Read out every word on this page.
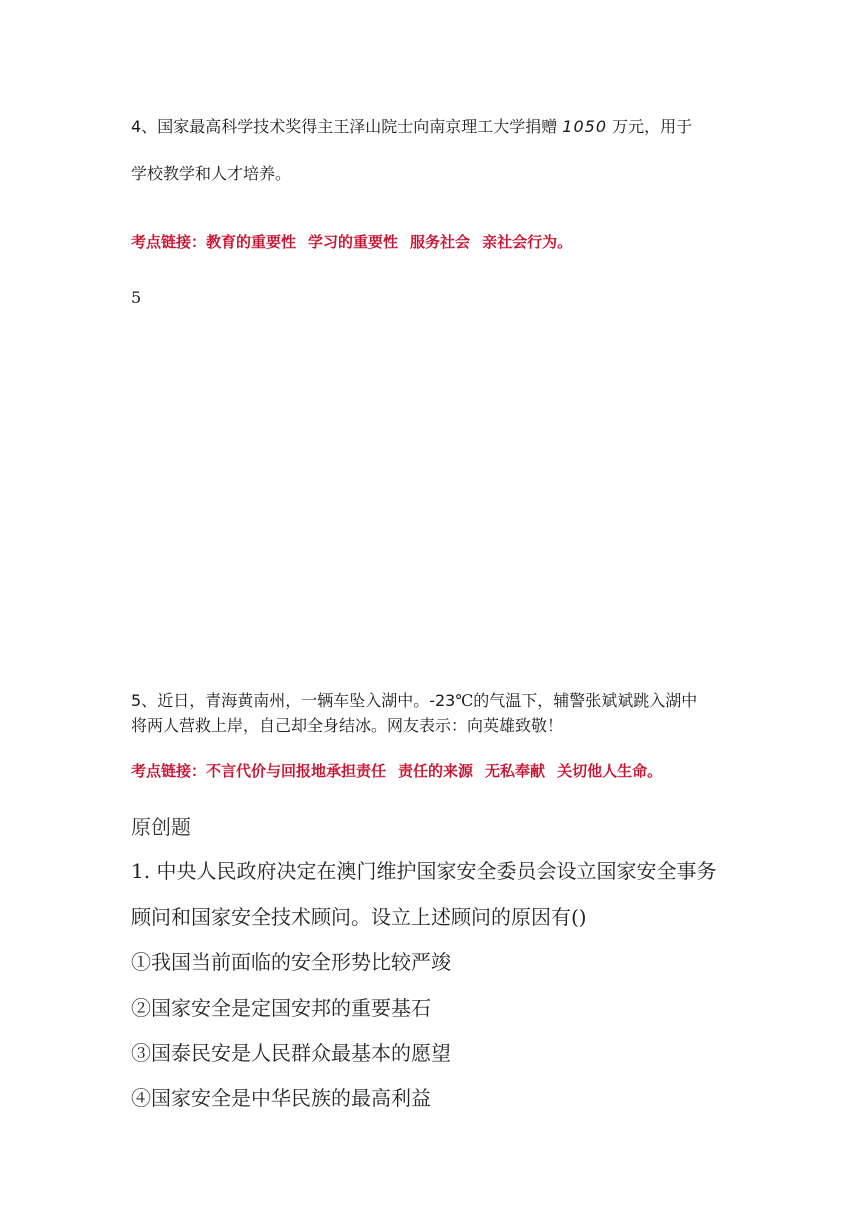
4、国家最高科学技术奖得主王泽山院士向南京理工大学捐赠 1050 万元，用于
学校教学和人才培养。
考点链接：教育的重要性 学习的重要性 服务社会 亲社会行为。
5
5、近日，青海黄南州，一辆车坠入湖中。-23℃的气温下，辅警张斌斌跳入湖中
将两人营救上岸，自己却全身结冰。网友表示：向英雄致敬！
考点链接：不言代价与回报地承担责任 责任的来源 无私奉献 关切他人生命。
原创题
1. 中央人民政府决定在澳门维护国家安全委员会设立国家安全事务
顾问和国家安全技术顾问。设立上述顾问的原因有()
①我国当前面临的安全形势比较严竣
②国家安全是定国安邦的重要基石
③国泰民安是人民群众最基本的愿望
④国家安全是中华民族的最高利益
